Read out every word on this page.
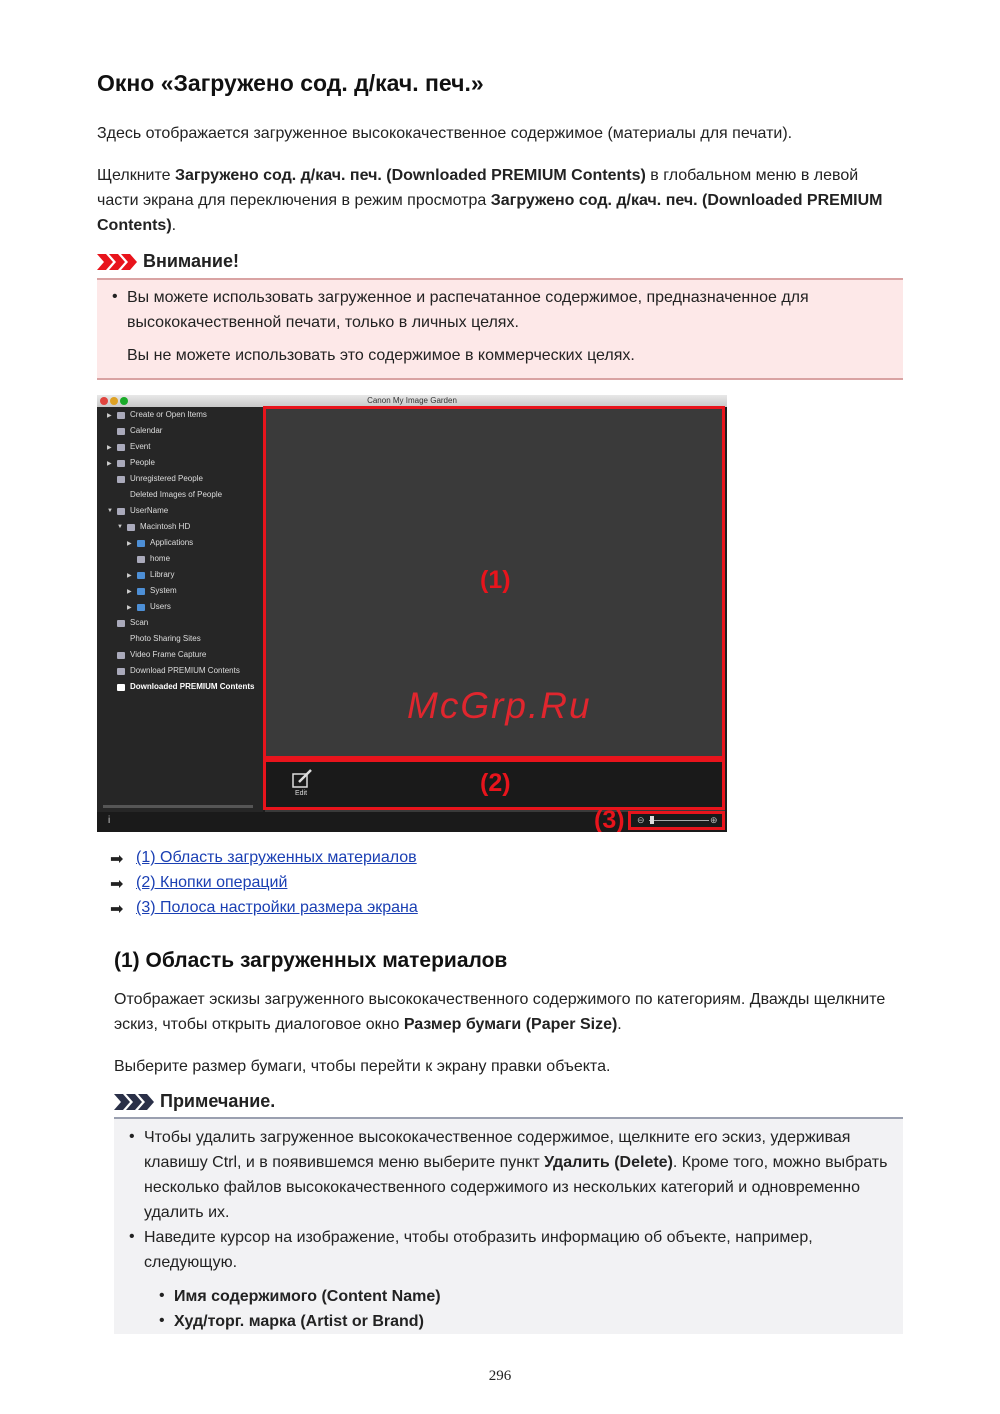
Окно «Загружено сод. д/кач. печ.»

Здесь отображается загруженное высококачественное содержимое (материалы для печати).

Щелкните Загружено сод. д/кач. печ. (Downloaded PREMIUM Contents) в глобальном меню в левой части экрана для переключения в режим просмотра Загружено сод. д/кач. печ. (Downloaded PREMIUM Contents).

Внимание!
• Вы можете использовать загруженное и распечатанное содержимое, предназначенное для высококачественной печати, только в личных целях.

Вы не можете использовать это содержимое в коммерческих целях.

Canon My Image Garden
▶ Create or Open Items
Calendar
▶ Event
▶ People
Unregistered People
Deleted Images of People
▼ UserName
▼ Macintosh HD
▶ Applications
home
▶ Library
▶ System
▶ Users
Scan
Photo Sharing Sites
Video Frame Capture
Download PREMIUM Contents
Downloaded PREMIUM Contents
(1)
Edit	(2)
i	⊖	⊕
(3)
McGrp.Ru
➡ (1) Область загруженных материалов
➡ (2) Кнопки операций
➡ (3) Полоса настройки размера экрана
(1) Область загруженных материалов

Отображает эскизы загруженного высококачественного содержимого по категориям. Дважды щелкните эскиз, чтобы открыть диалоговое окно Размер бумаги (Paper Size).

Выберите размер бумаги, чтобы перейти к экрану правки объекта.

Примечание.
• Чтобы удалить загруженное высококачественное содержимое, щелкните его эскиз, удерживая клавишу Ctrl, и в появившемся меню выберите пункт Удалить (Delete). Кроме того, можно выбрать несколько файлов высококачественного содержимого из нескольких категорий и одновременно удалить их.

• Наведите курсор на изображение, чтобы отобразить информацию об объекте, например, следующую.

• Имя содержимого (Content Name)

• Худ/торг. марка (Artist or Brand)

296
